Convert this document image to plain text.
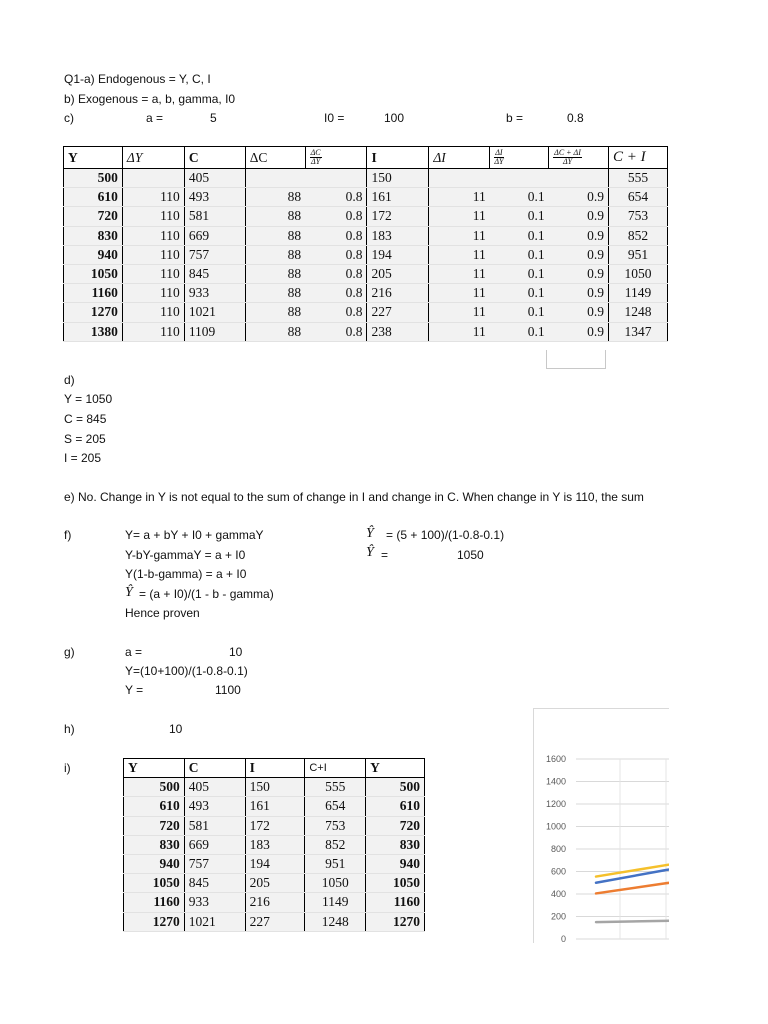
Q1-a) Endogenous = Y, C, I
b) Exogenous = a, b, gamma, I0
c)	a =	5	I0 =	100	b =	0.8
Y	ΔY	C	ΔC	$\frac{\Delta C}{\Delta Y}$	I	ΔI	$\frac{\Delta I}{\Delta Y}$	$\frac{\Delta C + \Delta I}{\Delta Y}$	C + I
500		405			150				555
610	110	493	88	0.8	161	11	0.1	0.9	654
720	110	581	88	0.8	172	11	0.1	0.9	753
830	110	669	88	0.8	183	11	0.1	0.9	852
940	110	757	88	0.8	194	11	0.1	0.9	951
1050	110	845	88	0.8	205	11	0.1	0.9	1050
1160	110	933	88	0.8	216	11	0.1	0.9	1149
1270	110	1021	88	0.8	227	11	0.1	0.9	1248
1380	110	1109	88	0.8	238	11	0.1	0.9	1347
d)
Y = 1050
C = 845
S = 205
I = 205
e) No. Change in Y is not equal to the sum of change in I and change in C. When change in Y is 110, the sum
f)	Y= a + bY + I0 + gammaY
Y-bY-gammaY = a + I0
Y(1-b-gamma) = a + I0
Ŷ = (a + I0)/(1 - b - gamma)
Hence proven
Ŷ = (5 + 100)/(1-0.8-0.1)
Ŷ =	1050
g)	a =	10
Y=(10+100)/(1-0.8-0.1)
Y =	1100
h)	10
i)	Y	C	I	C+I	Y
500	405	150	555	500
610	493	161	654	610
720	581	172	753	720
830	669	183	852	830
940	757	194	951	940
1050	845	205	1050	1050
1160	933	216	1149	1160
1270	1021	227	1248	1270
1600
1400
1200
1000
800
600
400
200
0
